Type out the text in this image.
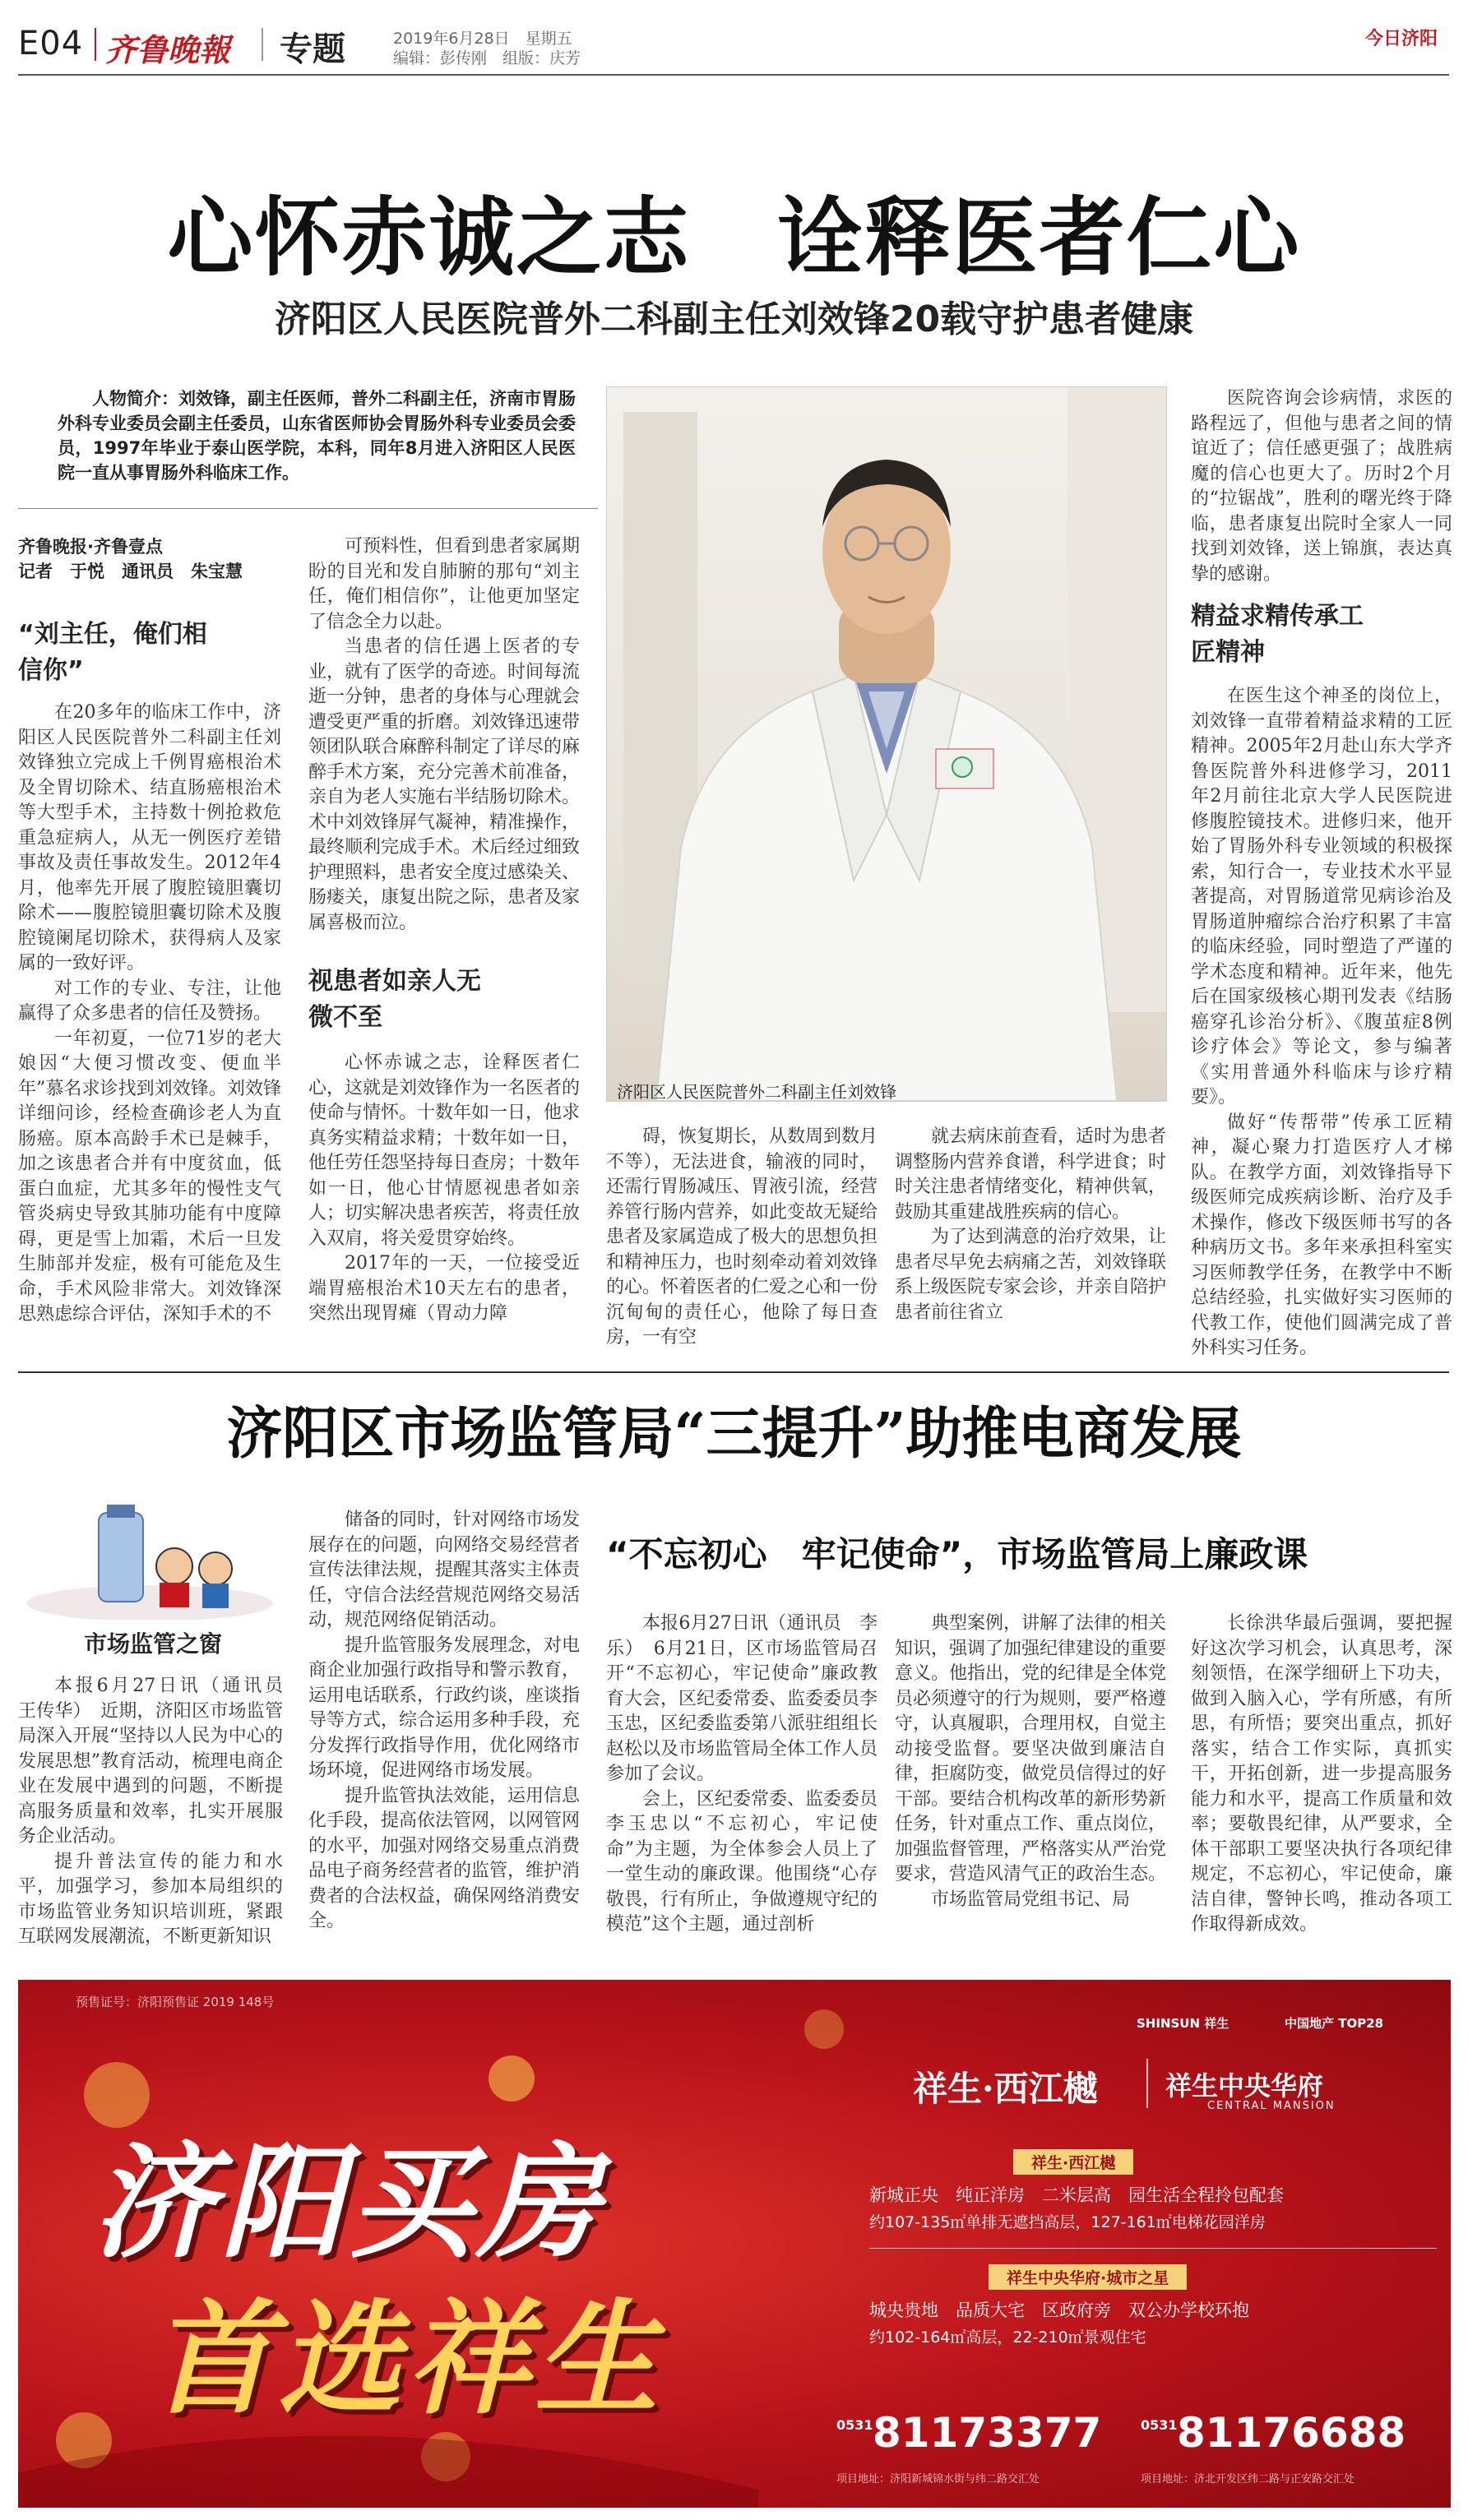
E04 齐鲁晚報 专题	2019年6月28日　星期五
编辑：彭传刚　组版：庆芳
今日济阳
心怀赤诚之志　诠释医者仁心
济阳区人民医院普外二科副主任刘效锋20载守护患者健康
人物简介：刘效锋，副主任医师，普外二科副主任，济南市胃肠外科专业委员会副主任委员，山东省医师协会胃肠外科专业委员会委员，1997年毕业于泰山医学院，本科，同年8月进入济阳区人民医院一直从事胃肠外科临床工作。
齐鲁晚报·齐鲁壹点
记者　于悦　通讯员　朱宝慧
“刘主任，俺们相信你”

在20多年的临床工作中，济阳区人民医院普外二科副主任刘效锋独立完成上千例胃癌根治术及全胃切除术、结直肠癌根治术等大型手术，主持数十例抢救危重急症病人，从无一例医疗差错事故及责任事故发生。2012年4月，他率先开展了腹腔镜胆囊切除术——腹腔镜胆囊切除术及腹腔镜阑尾切除术，获得病人及家属的一致好评。

对工作的专业、专注，让他赢得了众多患者的信任及赞扬。

一年初夏，一位71岁的老大娘因“大便习惯改变、便血半年”慕名求诊找到刘效锋。刘效锋详细问诊，经检查确诊老人为直肠癌。原本高龄手术已是棘手，加之该患者合并有中度贫血，低蛋白血症，尤其多年的慢性支气管炎病史导致其肺功能有中度障碍，更是雪上加霜，术后一旦发生肺部并发症，极有可能危及生命，手术风险非常大。刘效锋深思熟虑综合评估，深知手术的不

可预料性，但看到患者家属期盼的目光和发自肺腑的那句“刘主任，俺们相信你”，让他更加坚定了信念全力以赴。

当患者的信任遇上医者的专业，就有了医学的奇迹。时间每流逝一分钟，患者的身体与心理就会遭受更严重的折磨。刘效锋迅速带领团队联合麻醉科制定了详尽的麻醉手术方案，充分完善术前准备，亲自为老人实施右半结肠切除术。术中刘效锋屏气凝神，精准操作，最终顺利完成手术。术后经过细致护理照料，患者安全度过感染关、肠瘘关，康复出院之际，患者及家属喜极而泣。

视患者如亲人无微不至

心怀赤诚之志，诠释医者仁心，这就是刘效锋作为一名医者的使命与情怀。十数年如一日，他求真务实精益求精；十数年如一日，他任劳任怨坚持每日查房；十数年如一日，他心甘情愿视患者如亲人；切实解决患者疾苦，将责任放入双肩，将关爱贯穿始终。

2017年的一天，一位接受近端胃癌根治术10天左右的患者，突然出现胃瘫（胃动力障

济阳区人民医院普外二科副主任刘效锋

碍，恢复期长，从数周到数月不等），无法进食，输液的同时，还需行胃肠减压、胃液引流，经营养管行肠内营养，如此变故无疑给患者及家属造成了极大的思想负担和精神压力，也时刻牵动着刘效锋的心。怀着医者的仁爱之心和一份沉甸甸的责任心，他除了每日查房，一有空

就去病床前查看，适时为患者调整肠内营养食谱，科学进食；时时关注患者情绪变化，精神供氧，鼓励其重建战胜疾病的信心。

为了达到满意的治疗效果，让患者尽早免去病痛之苦，刘效锋联系上级医院专家会诊，并亲自陪护患者前往省立

医院咨询会诊病情，求医的路程远了，但他与患者之间的情谊近了；信任感更强了；战胜病魔的信心也更大了。历时2个月的“拉锯战”，胜利的曙光终于降临，患者康复出院时全家人一同找到刘效锋，送上锦旗，表达真挚的感谢。

精益求精传承工匠精神

在医生这个神圣的岗位上，刘效锋一直带着精益求精的工匠精神。2005年2月赴山东大学齐鲁医院普外科进修学习，2011年2月前往北京大学人民医院进修腹腔镜技术。进修归来，他开始了胃肠外科专业领域的积极探索，知行合一，专业技术水平显著提高，对胃肠道常见病诊治及胃肠道肿瘤综合治疗积累了丰富的临床经验，同时塑造了严谨的学术态度和精神。近年来，他先后在国家级核心期刊发表《结肠癌穿孔诊治分析》、《腹茧症8例诊疗体会》等论文，参与编著《实用普通外科临床与诊疗精要》。

做好“传帮带”传承工匠精神，凝心聚力打造医疗人才梯队。在教学方面，刘效锋指导下级医师完成疾病诊断、治疗及手术操作，修改下级医师书写的各种病历文书。多年来承担科室实习医师教学任务，在教学中不断总结经验，扎实做好实习医师的代教工作，使他们圆满完成了普外科实习任务。

济阳区市场监管局“三提升”助推电商发展
市场监管之窗

本报6月27日讯（通讯员　王传华）　近期，济阳区市场监管局深入开展“坚持以人民为中心的发展思想”教育活动，梳理电商企业在发展中遇到的问题，不断提高服务质量和效率，扎实开展服务企业活动。

提升普法宣传的能力和水平，加强学习，参加本局组织的市场监管业务知识培训班，紧跟互联网发展潮流，不断更新知识

储备的同时，针对网络市场发展存在的问题，向网络交易经营者宣传法律法规，提醒其落实主体责任，守信合法经营规范网络交易活动，规范网络促销活动。

提升监管服务发展理念，对电商企业加强行政指导和警示教育，运用电话联系，行政约谈，座谈指导等方式，综合运用多种手段，充分发挥行政指导作用，优化网络市场环境，促进网络市场发展。

提升监管执法效能，运用信息化手段，提高依法管网，以网管网的水平，加强对网络交易重点消费品电子商务经营者的监管，维护消费者的合法权益，确保网络消费安全。

“不忘初心　牢记使命”，市场监管局上廉政课

本报6月27日讯（通讯员　李乐）　6月21日，区市场监管局召开“不忘初心，牢记使命”廉政教育大会，区纪委常委、监委委员李玉忠，区纪委监委第八派驻组组长赵松以及市场监管局全体工作人员参加了会议。

会上，区纪委常委、监委委员李玉忠以“不忘初心，牢记使命”为主题，为全体参会人员上了一堂生动的廉政课。他围绕“心存敬畏，行有所止，争做遵规守纪的模范”这个主题，通过剖析

典型案例，讲解了法律的相关知识，强调了加强纪律建设的重要意义。他指出，党的纪律是全体党员必须遵守的行为规则，要严格遵守，认真履职，合理用权，自觉主动接受监督。要坚决做到廉洁自律，拒腐防变，做党员信得过的好干部。要结合机构改革的新形势新任务，针对重点工作、重点岗位，加强监督管理，严格落实从严治党要求，营造风清气正的政治生态。

市场监管局党组书记、局

长徐洪华最后强调，要把握好这次学习机会，认真思考，深刻领悟，在深学细研上下功夫，做到入脑入心，学有所感，有所思，有所悟；要突出重点，抓好落实，结合工作实际，真抓实干，开拓创新，进一步提高服务能力和水平，提高工作质量和效率；要敬畏纪律，从严要求，全体干部职工要坚决执行各项纪律规定，不忘初心，牢记使命，廉洁自律，警钟长鸣，推动各项工作取得新成效。

预售证号：济阳预售证 2019 148号
济阳买房
首选祥生
SHINSUN 祥生	中国地产 TOP28
祥生·西江樾	祥生中央华府
CENTRAL MANSION
祥生·西江樾
新城正央　纯正洋房　二米层高　园生活全程拎包配套
约107-135㎡单排无遮挡高层，127-161㎡电梯花园洋房
祥生中央华府·城市之星
城央贵地　品质大宅　区政府旁　双公办学校环抱
约102-164㎡高层，22-210㎡景观住宅
0531 81173377
项目地址：济阳新城锦水街与纬二路交汇处
0531 81176688
项目地址：济北开发区纬二路与正安路交汇处
